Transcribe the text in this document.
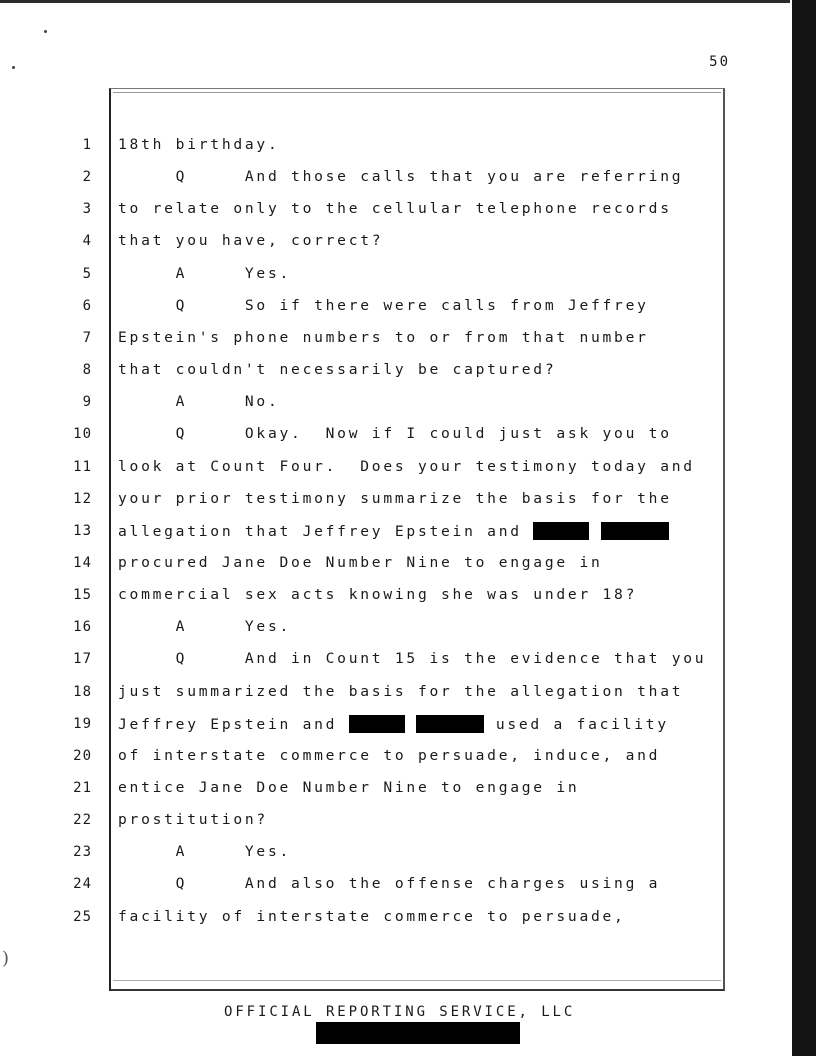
)
50
1 18th birthday.
2 Q     And those calls that you are referring
3 to relate only to the cellular telephone records
4 that you have, correct?
5 A     Yes.
6 Q     So if there were calls from Jeffrey
7 Epstein's phone numbers to or from that number
8 that couldn't necessarily be captured?
9 A     No.
10 Q     Okay.  Now if I could just ask you to
11 look at Count Four.  Does your testimony today and
12 your prior testimony summarize the basis for the
13 allegation that Jeffrey Epstein and
14 procured Jane Doe Number Nine to engage in
15 commercial sex acts knowing she was under 18?
16 A     Yes.
17 Q     And in Count 15 is the evidence that you
18 just summarized the basis for the allegation that
19 Jeffrey Epstein and	used a facility
20 of interstate commerce to persuade, induce, and
21 entice Jane Doe Number Nine to engage in
22 prostitution?
23 A     Yes.
24 Q     And also the offense charges using a
25 facility of interstate commerce to persuade,
OFFICIAL REPORTING SERVICE, LLC
